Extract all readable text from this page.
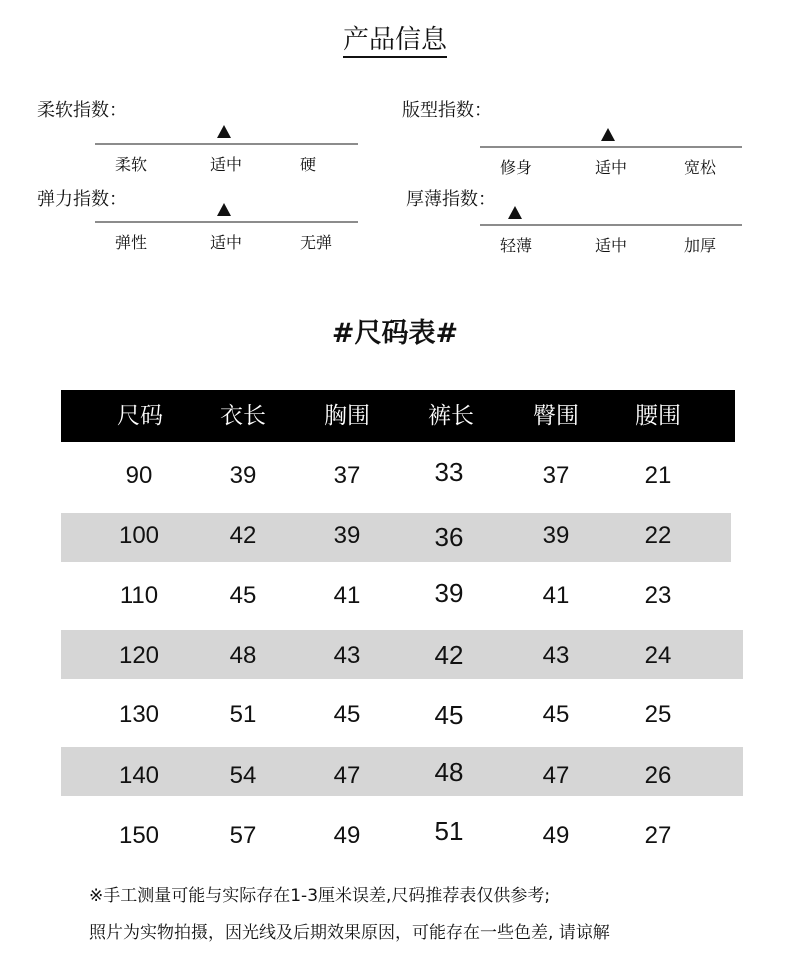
产品信息
柔软指数：
柔软	适中	硬
版型指数：
修身	适中	宽松
弹力指数：
弹性	适中	无弹
厚薄指数：
轻薄	适中	加厚
#尺码表#
尺码	衣长	胸围	裤长	臀围	腰围
90	39	37	33	37	21
100	42	39	36	39	22
110	45	41	39	41	23
120	48	43	42	43	24
130	51	45	45	45	25
140	54	47	48	47	26
150	57	49	51	49	27
※手工测量可能与实际存在1-3厘米误差,尺码推荐表仅供参考;
照片为实物拍摄，因光线及后期效果原因，可能存在一些色差, 请谅解
